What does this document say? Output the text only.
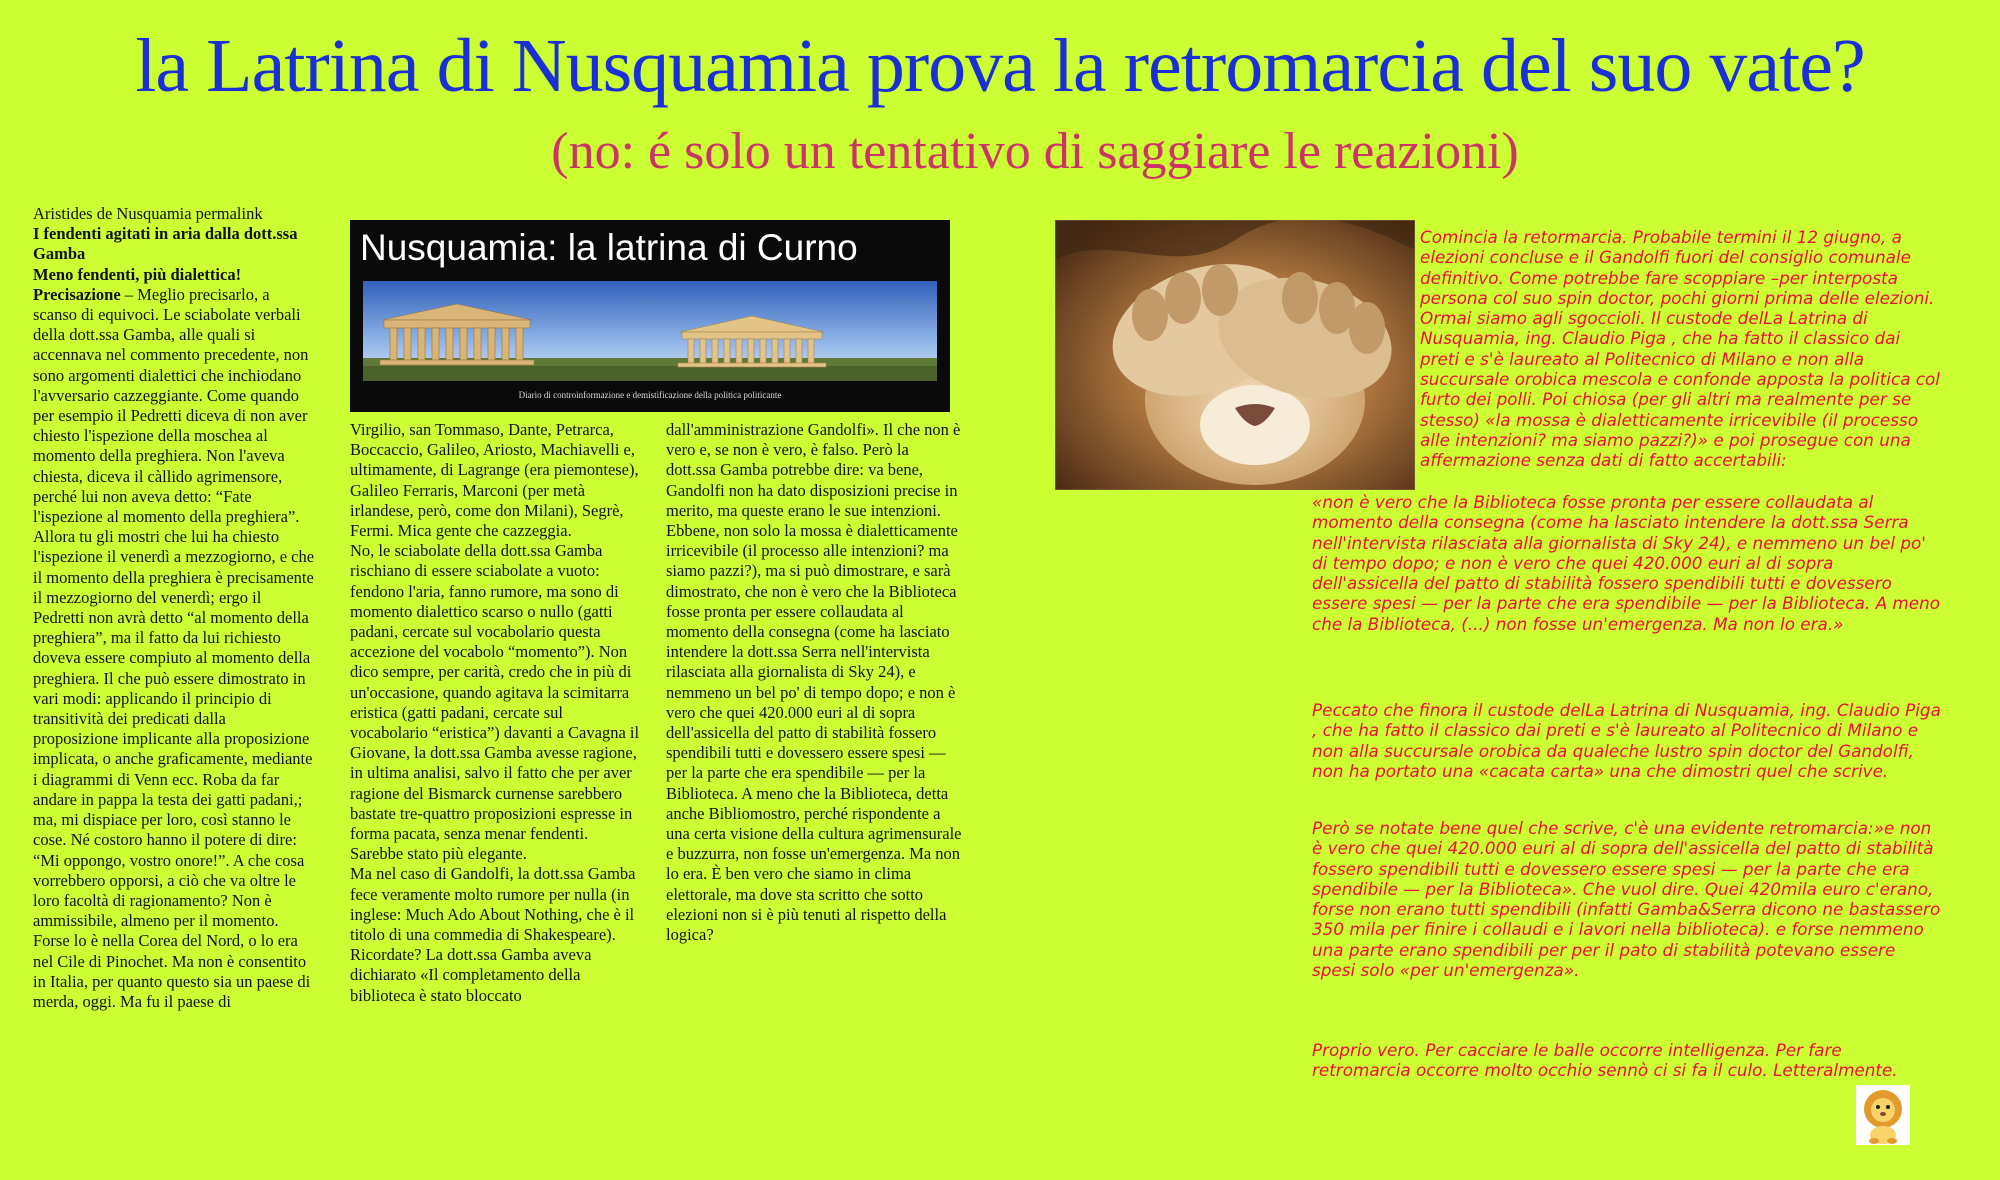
la Latrina di Nusquamia prova la retromarcia del suo vate?
(no: é solo un tentativo di saggiare le reazioni)

Aristides de Nusquamia permalink

I fendenti agitati in aria dalla dott.ssa Gamba

Meno fendenti, più dialettica!

Precisazione – Meglio precisarlo, a scanso di equivoci. Le sciabolate verbali della dott.ssa Gamba, alle quali si accennava nel commento precedente, non sono argomenti dialettici che inchiodano l'avversario cazzeggiante. Come quando per esempio il Pedretti diceva di non aver chiesto l'ispezione della moschea al momento della preghiera. Non l'aveva chiesta, diceva il càllido agrimensore, perché lui non aveva detto: “Fate l'ispezione al momento della preghiera”. Allora tu gli mostri che lui ha chiesto l'ispezione il venerdì a mezzogiorno, e che il momento della preghiera è precisamente il mezzogiorno del venerdì; ergo il Pedretti non avrà detto “al momento della preghiera”, ma il fatto da lui richiesto doveva essere compiuto al momento della preghiera. Il che può essere dimostrato in vari modi: applicando il principio di transitività dei predicati dalla proposizione implicante alla proposizione implicata, o anche graficamente, mediante i diagrammi di Venn ecc. Roba da far andare in pappa la testa dei gatti padani,; ma, mi dispiace per loro, così stanno le cose. Né costoro hanno il potere di dire: “Mi oppongo, vostro onore!”. A che cosa vorrebbero opporsi, a ciò che va oltre le loro facoltà di ragionamento? Non è ammissibile, almeno per il momento. Forse lo è nella Corea del Nord, o lo era nel Cile di Pinochet. Ma non è consentito in Italia, per quanto questo sia un paese di merda, oggi. Ma fu il paese di

Nusquamia: la latrina di Curno
Diario di controinformazione e demistificazione della politica politicante

Virgilio, san Tommaso, Dante, Petrarca, Boccaccio, Galileo, Ariosto, Machiavelli e, ultimamente, di Lagrange (era piemontese), Galileo Ferraris, Marconi (per metà irlandese, però, come don Milani), Segrè, Fermi. Mica gente che cazzeggia.

No, le sciabolate della dott.ssa Gamba rischiano di essere sciabolate a vuoto: fendono l'aria, fanno rumore, ma sono di momento dialettico scarso o nullo (gatti padani, cercate sul vocabolario questa accezione del vocabolo “momento”). Non dico sempre, per carità, credo che in più di un'occasione, quando agitava la scimitarra eristica (gatti padani, cercate sul vocabolario “eristica”) davanti a Cavagna il Giovane, la dott.ssa Gamba avesse ragione, in ultima analisi, salvo il fatto che per aver ragione del Bismarck curnense sarebbero bastate tre-quattro proposizioni espresse in forma pacata, senza menar fendenti. Sarebbe stato più elegante.

Ma nel caso di Gandolfi, la dott.ssa Gamba fece veramente molto rumore per nulla (in inglese: Much Ado About Nothing, che è il titolo di una commedia di Shakespeare). Ricordate? La dott.ssa Gamba aveva dichiarato «Il completamento della biblioteca è stato bloccato

dall'amministrazione Gandolfi». Il che non è vero e, se non è vero, è falso. Però la dott.ssa Gamba potrebbe dire: va bene, Gandolfi non ha dato disposizioni precise in merito, ma queste erano le sue intenzioni. Ebbene, non solo la mossa è dialetticamente irricevibile (il processo alle intenzioni? ma siamo pazzi?), ma si può dimostrare, e sarà dimostrato, che non è vero che la Biblioteca fosse pronta per essere collaudata al momento della consegna (come ha lasciato intendere la dott.ssa Serra nell'intervista rilasciata alla giornalista di Sky 24), e nemmeno un bel po' di tempo dopo; e non è vero che quei 420.000 euri al di sopra dell'assicella del patto di stabilità fossero spendibili tutti e dovessero essere spesi — per la parte che era spendibile — per la Biblioteca. A meno che la Biblioteca, detta anche Bibliomostro, perché rispondente a una certa visione della cultura agrimensurale e buzzurra, non fosse un'emergenza. Ma non lo era. È ben vero che siamo in clima elettorale, ma dove sta scritto che sotto elezioni non si è più tenuti al rispetto della logica?

Comincia la retormarcia. Probabile termini il 12 giugno, a elezioni concluse e il Gandolfi fuori del consiglio comunale definitivo. Come potrebbe fare scoppiare –per interposta persona col suo spin doctor, pochi giorni prima delle elezioni. Ormai siamo agli sgoccioli. Il custode delLa Latrina di Nusquamia, ing. Claudio Piga , che ha fatto il classico dai preti e s'è laureato al Politecnico di Milano e non alla succursale orobica mescola e confonde apposta la politica col furto dei polli. Poi chiosa (per gli altri ma realmente per se stesso) «la mossa è dialetticamente irricevibile (il processo alle intenzioni? ma siamo pazzi?)» e poi prosegue con una affermazione senza dati di fatto accertabili:

«non è vero che la Biblioteca fosse pronta per essere collaudata al momento della consegna (come ha lasciato intendere la dott.ssa Serra nell'intervista rilasciata alla giornalista di Sky 24), e nemmeno un bel po' di tempo dopo; e non è vero che quei 420.000 euri al di sopra dell'assicella del patto di stabilità fossero spendibili tutti e dovessero essere spesi — per la parte che era spendibile — per la Biblioteca. A meno che la Biblioteca, (...) non fosse un'emergenza. Ma non lo era.»

Peccato che finora il custode delLa Latrina di Nusquamia, ing. Claudio Piga , che ha fatto il classico dai preti e s'è laureato al Politecnico di Milano e non alla succursale orobica da qualeche lustro spin doctor del Gandolfi, non ha portato una «cacata carta» una che dimostri quel che scrive.

Però se notate bene quel che scrive, c'è una evidente retromarcia:»e non è vero che quei 420.000 euri al di sopra dell'assicella del patto di stabilità fossero spendibili tutti e dovessero essere spesi — per la parte che era spendibile — per la Biblioteca». Che vuol dire. Quei 420mila euro c'erano, forse non erano tutti spendibili (infatti Gamba&Serra dicono ne bastassero 350 mila per finire i collaudi e i lavori nella biblioteca). e forse nemmeno una parte erano spendibili per per il pato di stabilità potevano essere spesi solo «per un'emergenza».

Proprio vero. Per cacciare le balle occorre intelligenza. Per fare retromarcia occorre molto occhio sennò ci si fa il culo. Letteralmente.
